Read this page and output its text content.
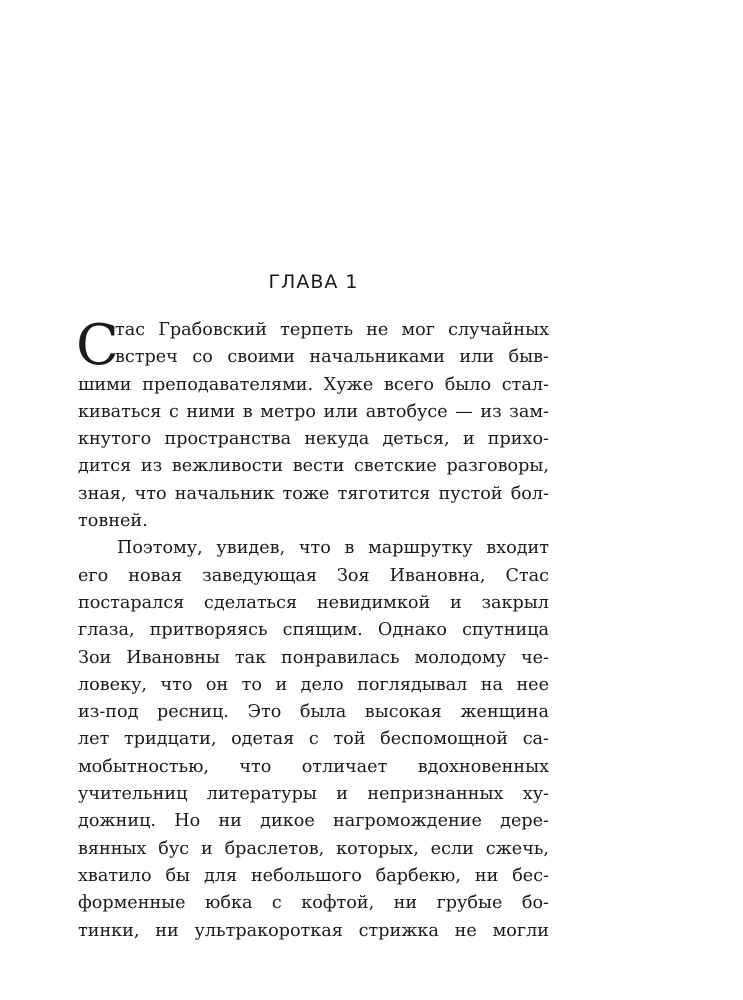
ГЛАВА 1
С
тас Грабовский терпеть не мог случайных
встреч со своими начальниками или быв-
шими преподавателями. Хуже всего было стал-
киваться с ними в метро или автобусе — из зам-
кнутого пространства некуда деться, и прихо-
дится из вежливости вести светские разговоры,
зная, что начальник тоже тяготится пустой бол-
товней.
Поэтому, увидев, что в маршрутку входит
его новая заведующая Зоя Ивановна, Стас
постарался сделаться невидимкой и закрыл
глаза, притворяясь спящим. Однако спутница
Зои Ивановны так понравилась молодому че-
ловеку, что он то и дело поглядывал на нее
из-под ресниц. Это была высокая женщина
лет тридцати, одетая с той беспомощной са-
мобытностью, что отличает вдохновенных
учительниц литературы и непризнанных ху-
дожниц. Но ни дикое нагромождение дере-
вянных бус и браслетов, которых, если сжечь,
хватило бы для небольшого барбекю, ни бес-
форменные юбка с кофтой, ни грубые бо-
тинки, ни ультракороткая стрижка не могли
